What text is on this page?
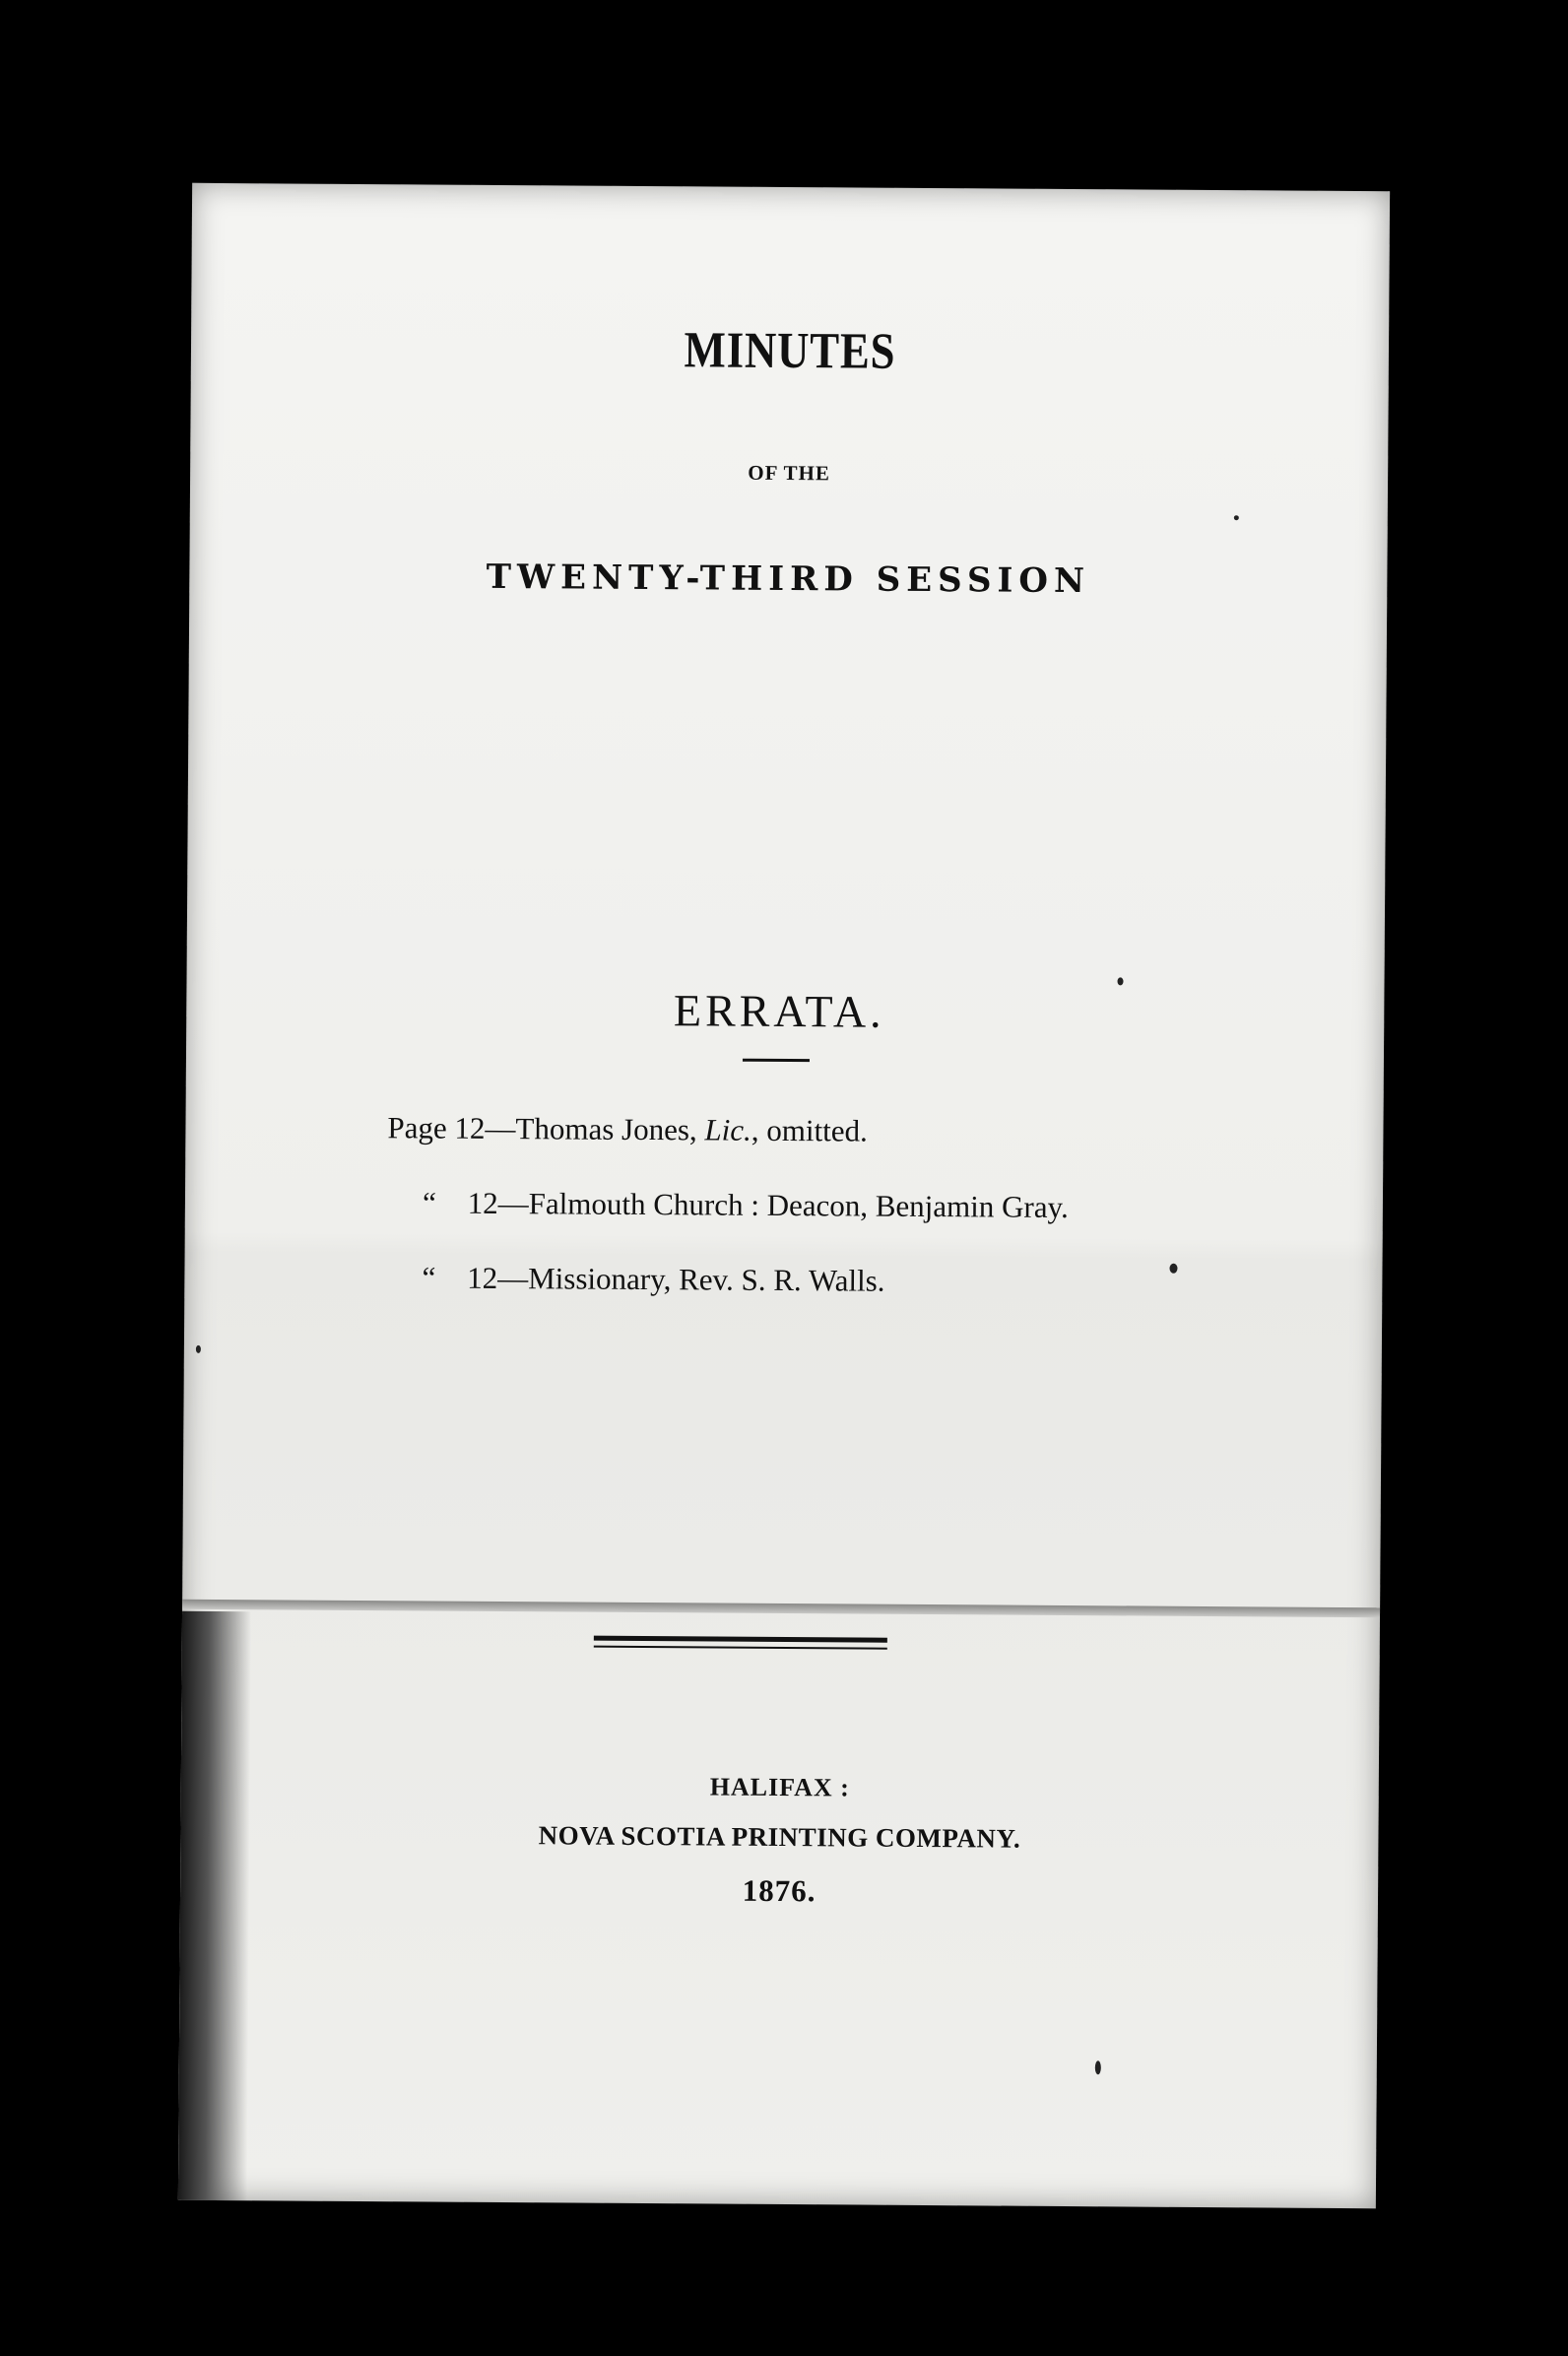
MINUTES
OF THE
TWENTY-THIRD SESSION
ERRATA.
Page 12—Thomas Jones, Lic., omitted.
“ 12—Falmouth Church : Deacon, Benjamin Gray.
“ 12—Missionary, Rev. S. R. Walls.
HALIFAX :
NOVA SCOTIA PRINTING COMPANY.
1876.
